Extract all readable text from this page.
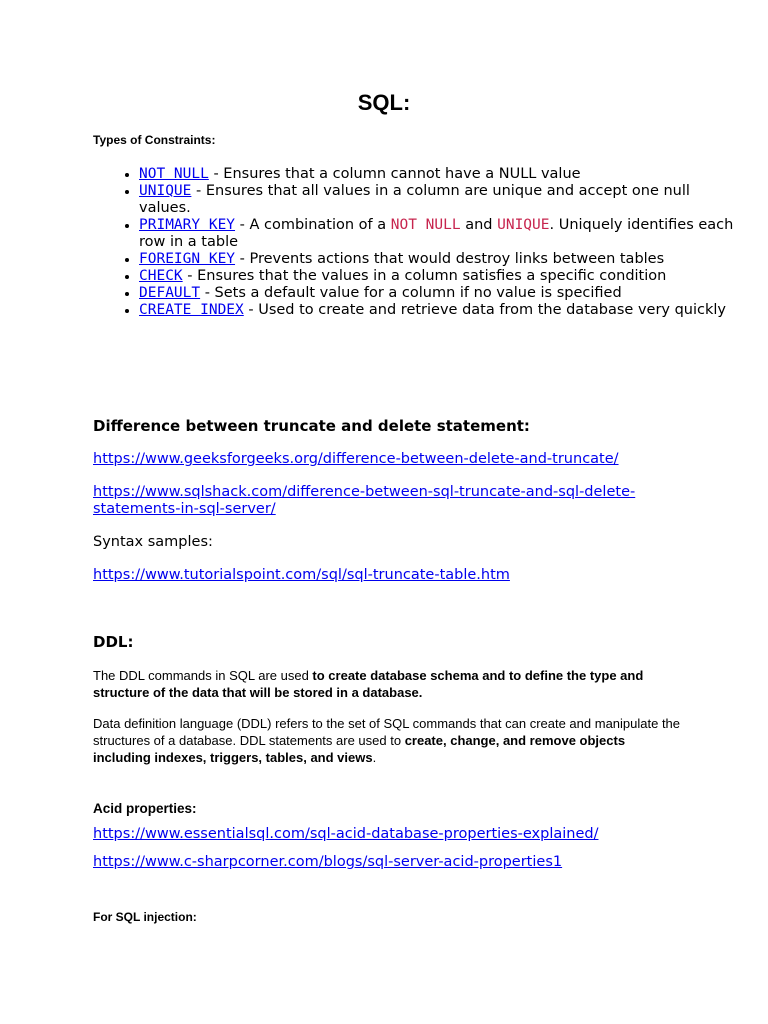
SQL:
Types of Constraints:
• NOT NULL - Ensures that a column cannot have a NULL value
• UNIQUE - Ensures that all values in a column are unique and accept one null values.
• PRIMARY KEY - A combination of a NOT NULL and UNIQUE. Uniquely identifies each row in a table
• FOREIGN KEY - Prevents actions that would destroy links between tables
• CHECK - Ensures that the values in a column satisfies a specific condition
• DEFAULT - Sets a default value for a column if no value is specified
• CREATE INDEX - Used to create and retrieve data from the database very quickly
Difference between truncate and delete statement:
https://www.geeksforgeeks.org/difference-between-delete-and-truncate/
https://www.sqlshack.com/difference-between-sql-truncate-and-sql-delete-statements-in-sql-server/
Syntax samples:
https://www.tutorialspoint.com/sql/sql-truncate-table.htm
DDL:
The DDL commands in SQL are used to create database schema and to define the type and structure of the data that will be stored in a database.
Data definition language (DDL) refers to the set of SQL commands that can create and manipulate the structures of a database. DDL statements are used to create, change, and remove objects including indexes, triggers, tables, and views.
Acid properties:
https://www.essentialsql.com/sql-acid-database-properties-explained/
https://www.c-sharpcorner.com/blogs/sql-server-acid-properties1
For SQL injection:
